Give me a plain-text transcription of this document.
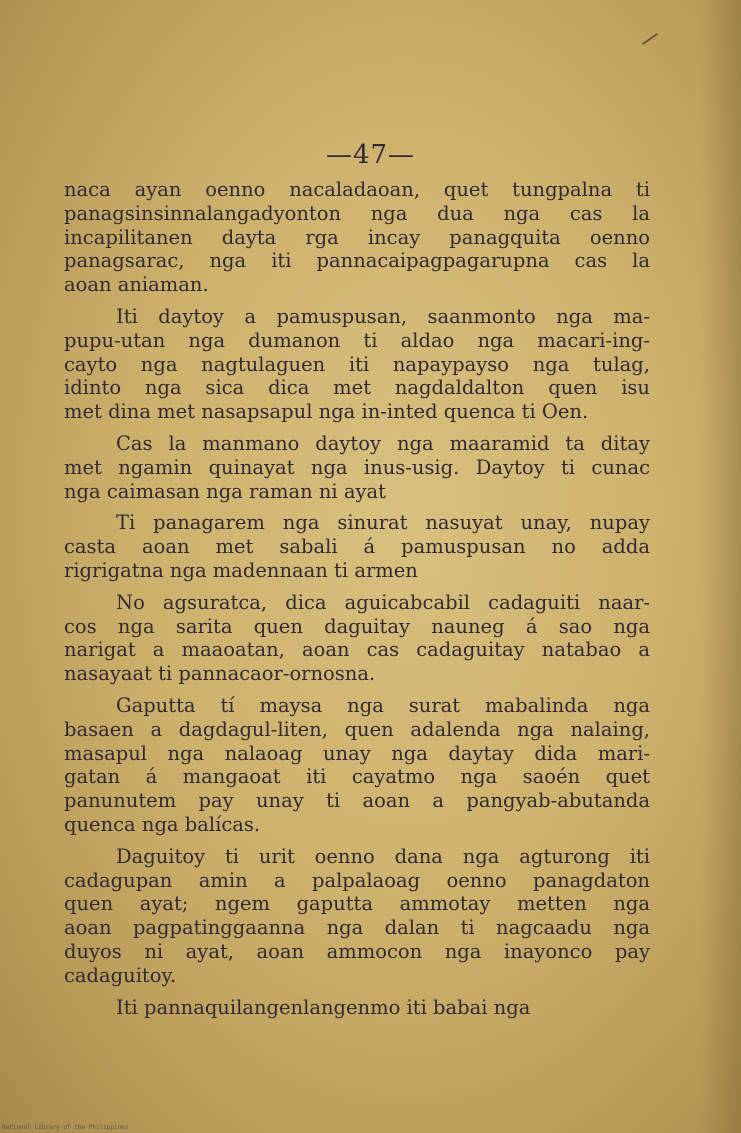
—47—

naca ayan oenno nacaladaoan, quet tungpalna ti
panagsinsinnalangadyonton nga dua nga cas la
incapilitanen dayta rga incay panagquita oenno
panagsarac, nga iti pannacaipagpagarupna cas la
aoan aniaman.

Iti daytoy a pamuspusan, saanmonto nga ma-
pupu-utan nga dumanon ti aldao nga macari-ing-
cayto nga nagtulaguen iti napaypayso nga tulag,
idinto nga sica dica met nagdaldalton quen isu
met dina met nasapsapul nga in-inted quenca ti Oen.

Cas la manmano daytoy nga maaramid ta ditay
met ngamin quinayat nga inus-usig. Daytoy ti cunac
nga caimasan nga raman ni ayat

Ti panagarem nga sinurat nasuyat unay, nupay
casta aoan met sabali á pamuspusan no adda
rigrigatna nga madennaan ti armen

No agsuratca, dica aguicabcabil cadaguiti naar-
cos nga sarita quen daguitay nauneg á sao nga
narigat a maaoatan, aoan cas cadaguitay natabao a
nasayaat ti pannacaor-ornosna.

Gaputta tí maysa nga surat mabalinda nga
basaen a dagdagul-liten, quen adalenda nga nalaing,
masapul nga nalaoag unay nga daytay dida mari-
gatan á mangaoat iti cayatmo nga saoén quet
panunutem pay unay ti aoan a pangyab-abutanda
quenca nga balícas.

Daguitoy ti urit oenno dana nga agturong iti
cadagupan amin a palpalaoag oenno panagdaton
quen ayat; ngem gaputta ammotay metten nga
aoan pagpatinggaanna nga dalan ti nagcaadu nga
duyos ni ayat, aoan ammocon nga inayonco pay
cadaguitoy.

Iti pannaquilangenlangenmo iti babai nga

National Library of the Philippines
